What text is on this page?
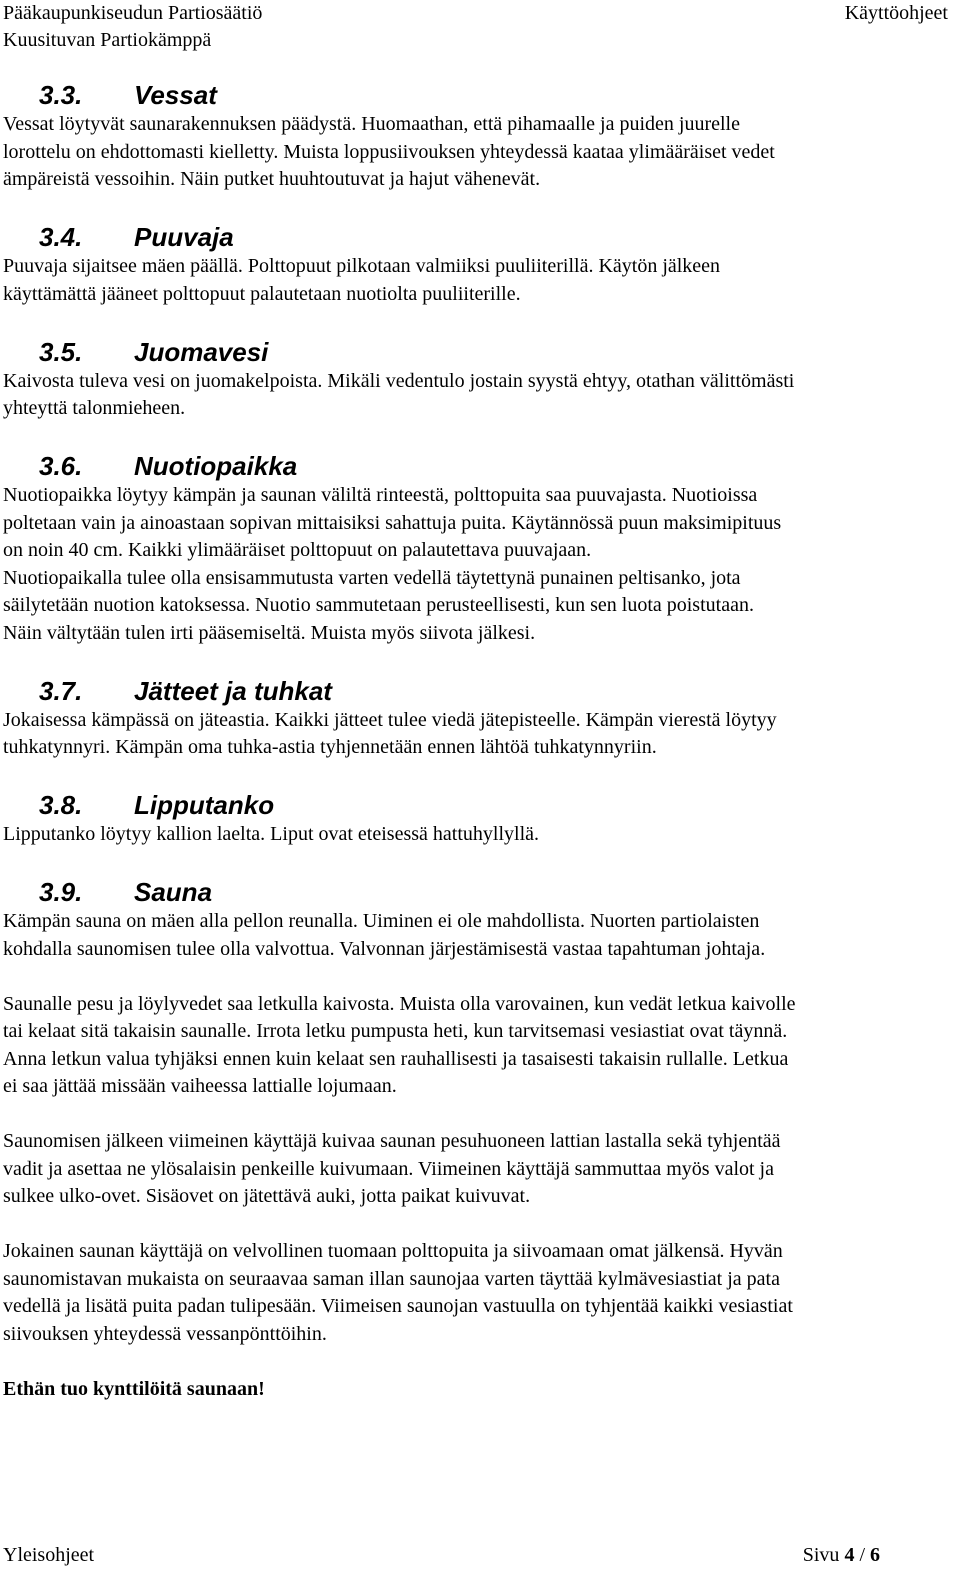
Pääkaupunkiseudun Partiosäätiö
Kuusituvan Partiokämppä
Käyttöohjeet
3.3. Vessat
Vessat löytyvät saunarakennuksen päädystä. Huomaathan, että pihamaalle ja puiden juurelle
lorottelu on ehdottomasti kielletty. Muista loppusiivouksen yhteydessä kaataa ylimääräiset vedet
ämpäreistä vessoihin. Näin putket huuhtoutuvat ja hajut vähenevät.
3.4. Puuvaja
Puuvaja sijaitsee mäen päällä. Polttopuut pilkotaan valmiiksi puuliiterillä. Käytön jälkeen
käyttämättä jääneet polttopuut palautetaan nuotiolta puuliiterille.
3.5. Juomavesi
Kaivosta tuleva vesi on juomakelpoista. Mikäli vedentulo jostain syystä ehtyy, otathan välittömästi
yhteyttä talonmieheen.
3.6. Nuotiopaikka
Nuotiopaikka löytyy kämpän ja saunan väliltä rinteestä, polttopuita saa puuvajasta. Nuotioissa
poltetaan vain ja ainoastaan sopivan mittaisiksi sahattuja puita. Käytännössä puun maksimipituus
on noin 40 cm. Kaikki ylimääräiset polttopuut on palautettava puuvajaan.
Nuotiopaikalla tulee olla ensisammutusta varten vedellä täytettynä punainen peltisanko, jota
säilytetään nuotion katoksessa. Nuotio sammutetaan perusteellisesti, kun sen luota poistutaan.
Näin vältytään tulen irti pääsemiseltä. Muista myös siivota jälkesi.
3.7. Jätteet ja tuhkat
Jokaisessa kämpässä on jäteastia. Kaikki jätteet tulee viedä jätepisteelle. Kämpän vierestä löytyy
tuhkatynnyri. Kämpän oma tuhka-astia tyhjennetään ennen lähtöä tuhkatynnyriin.
3.8. Lipputanko
Lipputanko löytyy kallion laelta. Liput ovat eteisessä hattuhyllyllä.
3.9. Sauna
Kämpän sauna on mäen alla pellon reunalla. Uiminen ei ole mahdollista. Nuorten partiolaisten
kohdalla saunomisen tulee olla valvottua. Valvonnan järjestämisestä vastaa tapahtuman johtaja.
Saunalle pesu ja löylyvedet saa letkulla kaivosta. Muista olla varovainen, kun vedät letkua kaivolle
tai kelaat sitä takaisin saunalle. Irrota letku pumpusta heti, kun tarvitsemasi vesiastiat ovat täynnä.
Anna letkun valua tyhjäksi ennen kuin kelaat sen rauhallisesti ja tasaisesti takaisin rullalle. Letkua
ei saa jättää missään vaiheessa lattialle lojumaan.
Saunomisen jälkeen viimeinen käyttäjä kuivaa saunan pesuhuoneen lattian lastalla sekä tyhjentää
vadit ja asettaa ne ylösalaisin penkeille kuivumaan. Viimeinen käyttäjä sammuttaa myös valot ja
sulkee ulko-ovet. Sisäovet on jätettävä auki, jotta paikat kuivuvat.
Jokainen saunan käyttäjä on velvollinen tuomaan polttopuita ja siivoamaan omat jälkensä. Hyvän
saunomistavan mukaista on seuraavaa saman illan saunojaa varten täyttää kylmävesiastiat ja pata
vedellä ja lisätä puita padan tulipesään. Viimeisen saunojan vastuulla on tyhjentää kaikki vesiastiat
siivouksen yhteydessä vessanpönttöihin.
Ethän tuo kynttilöitä saunaan!
Yleisohjeet	Sivu 4 / 6
